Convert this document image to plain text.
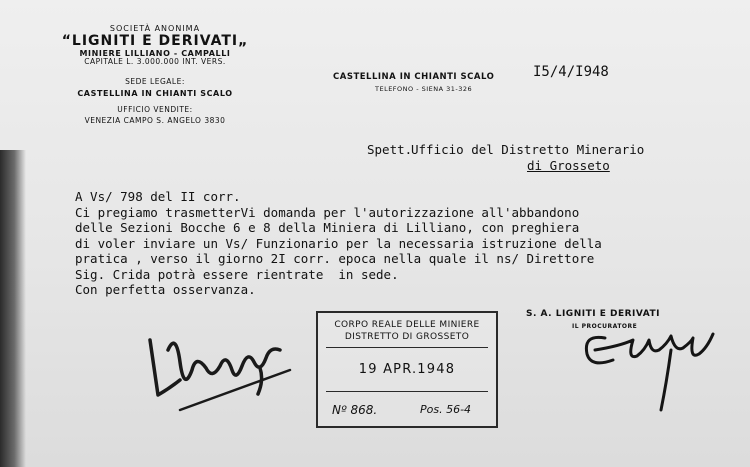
SOCIETÀ ANONIMA
“LIGNITI E DERIVATI„
MINIERE LILLIANO - CAMPALLI
CAPITALE L. 3.000.000 INT. VERS.
SEDE LEGALE:
CASTELLINA IN CHIANTI SCALO
UFFICIO VENDITE:
VENEZIA CAMPO S. ANGELO 3830
CASTELLINA IN CHIANTI SCALO
TELEFONO - SIENA 31-326
I5/4/I948
Spett.
Ufficio del Distretto Minerario
di Grosseto
A Vs/ 798 del II corr.
Ci pregiamo trasmetterVi domanda per l'autorizzazione all'abbandono
delle Sezioni Bocche 6 e 8 della Miniera di Lilliano, con preghiera
di voler inviare un Vs/ Funzionario per la necessaria istruzione della
pratica , verso il giorno 2I corr. epoca nella quale il ns/ Direttore
Sig. Crida potrà essere rientrate  in sede.
Con perfetta osservanza.
S. A. LIGNITI E DERIVATI
IL PROCURATORE
CORPO REALE DELLE MINIERE
DISTRETTO DI GROSSETO
19 APR.1948
Nº 868.	Pos. 56-4
